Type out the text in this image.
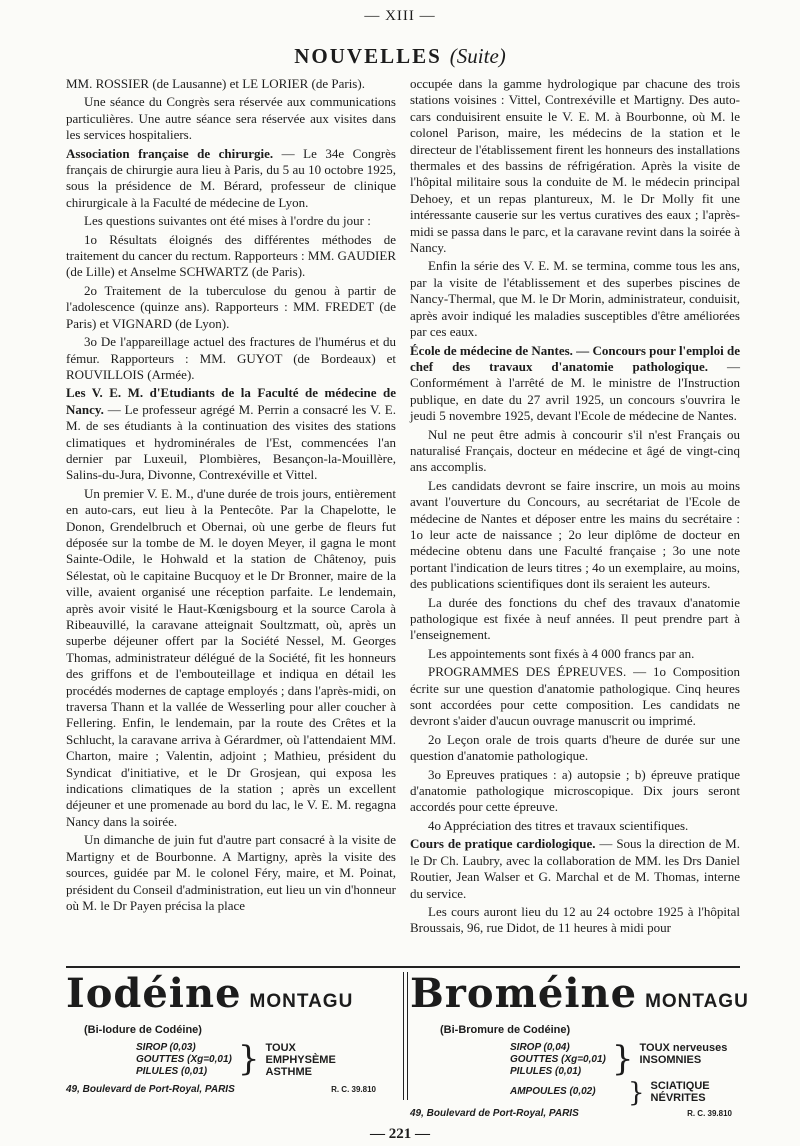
— XIII —
NOUVELLES (Suite)

MM. ROSSIER (de Lausanne) et LE LORIER (de Paris).

Une séance du Congrès sera réservée aux communications particulières. Une autre séance sera réservée aux visites dans les services hospitaliers.

Association française de chirurgie. — Le 34e Congrès français de chirurgie aura lieu à Paris, du 5 au 10 octobre 1925, sous la présidence de M. Bérard, professeur de clinique chirurgicale à la Faculté de médecine de Lyon.

Les questions suivantes ont été mises à l'ordre du jour :

1o Résultats éloignés des différentes méthodes de traitement du cancer du rectum. Rapporteurs : MM. GAUDIER (de Lille) et Anselme SCHWARTZ (de Paris).

2o Traitement de la tuberculose du genou à partir de l'adolescence (quinze ans). Rapporteurs : MM. FREDET (de Paris) et VIGNARD (de Lyon).

3o De l'appareillage actuel des fractures de l'humérus et du fémur. Rapporteurs : MM. GUYOT (de Bordeaux) et ROUVILLOIS (Armée).

Les V. E. M. d'Etudiants de la Faculté de médecine de Nancy. — Le professeur agrégé M. Perrin a consacré les V. E. M. de ses étudiants à la continuation des visites des stations climatiques et hydrominérales de l'Est, commencées l'an dernier par Luxeuil, Plombières, Besançon-la-Mouillère, Salins-du-Jura, Divonne, Contrexéville et Vittel.

Un premier V. E. M., d'une durée de trois jours, entièrement en auto-cars, eut lieu à la Pentecôte. Par la Chapelotte, le Donon, Grendelbruch et Obernai, où une gerbe de fleurs fut déposée sur la tombe de M. le doyen Meyer, il gagna le mont Sainte-Odile, le Hohwald et la station de Châtenoy, puis Sélestat, où le capitaine Bucquoy et le Dr Bronner, maire de la ville, avaient organisé une réception parfaite. Le lendemain, après avoir visité le Haut-Kœnigsbourg et la source Carola à Ribeauvillé, la caravane atteignait Soultzmatt, où, après un superbe déjeuner offert par la Société Nessel, M. Georges Thomas, administrateur délégué de la Société, fit les honneurs des griffons et de l'embouteillage et indiqua en détail les procédés modernes de captage employés ; dans l'après-midi, on traversa Thann et la vallée de Wesserling pour aller coucher à Fellering. Enfin, le lendemain, par la route des Crêtes et la Schlucht, la caravane arriva à Gérardmer, où l'attendaient MM. Charton, maire ; Valentin, adjoint ; Mathieu, président du Syndicat d'initiative, et le Dr Grosjean, qui exposa les indications climatiques de la station ; après un excellent déjeuner et une promenade au bord du lac, le V. E. M. regagna Nancy dans la soirée.

Un dimanche de juin fut d'autre part consacré à la visite de Martigny et de Bourbonne. A Martigny, après la visite des sources, guidée par M. le colonel Féry, maire, et M. Poinat, président du Conseil d'administration, eut lieu un vin d'honneur où M. le Dr Payen précisa la place

occupée dans la gamme hydrologique par chacune des trois stations voisines : Vittel, Contrexéville et Martigny. Des auto-cars conduisirent ensuite le V. E. M. à Bourbonne, où M. le colonel Parison, maire, les médecins de la station et le directeur de l'établissement firent les honneurs des installations thermales et des bassins de réfrigération. Après la visite de l'hôpital militaire sous la conduite de M. le médecin principal Dehoey, et un repas plantureux, M. le Dr Molly fit une intéressante causerie sur les vertus curatives des eaux ; l'après-midi se passa dans le parc, et la caravane revint dans la soirée à Nancy.

Enfin la série des V. E. M. se termina, comme tous les ans, par la visite de l'établissement et des superbes piscines de Nancy-Thermal, que M. le Dr Morin, administrateur, conduisit, après avoir indiqué les maladies susceptibles d'être améliorées par ces eaux.

École de médecine de Nantes. — Concours pour l'emploi de chef des travaux d'anatomie pathologique. — Conformément à l'arrêté de M. le ministre de l'Instruction publique, en date du 27 avril 1925, un concours s'ouvrira le jeudi 5 novembre 1925, devant l'Ecole de médecine de Nantes.

Nul ne peut être admis à concourir s'il n'est Français ou naturalisé Français, docteur en médecine et âgé de vingt-cinq ans accomplis.

Les candidats devront se faire inscrire, un mois au moins avant l'ouverture du Concours, au secrétariat de l'Ecole de médecine de Nantes et déposer entre les mains du secrétaire : 1o leur acte de naissance ; 2o leur diplôme de docteur en médecine obtenu dans une Faculté française ; 3o une note portant l'indication de leurs titres ; 4o un exemplaire, au moins, des publications scientifiques dont ils seraient les auteurs.

La durée des fonctions du chef des travaux d'anatomie pathologique est fixée à neuf années. Il peut prendre part à l'enseignement.

Les appointements sont fixés à 4 000 francs par an.

PROGRAMMES DES ÉPREUVES. — 1o Composition écrite sur une question d'anatomie pathologique. Cinq heures sont accordées pour cette composition. Les candidats ne devront s'aider d'aucun ouvrage manuscrit ou imprimé.

2o Leçon orale de trois quarts d'heure de durée sur une question d'anatomie pathologique.

3o Epreuves pratiques : a) autopsie ; b) épreuve pratique d'anatomie pathologique microscopique. Dix jours seront accordés pour cette épreuve.

4o Appréciation des titres et travaux scientifiques.

Cours de pratique cardiologique. — Sous la direction de M. le Dr Ch. Laubry, avec la collaboration de MM. les Drs Daniel Routier, Jean Walser et G. Marchal et de M. Thomas, interne du service.

Les cours auront lieu du 12 au 24 octobre 1925 à l'hôpital Broussais, 96, rue Didot, de 11 heures à midi pour

Iodéine MONTAGU
(Bi-Iodure de Codéine)
SIROP (0,03)
GOUTTES (Xg=0,01)
PILULES (0,01) } TOUX
EMPHYSÈME
ASTHME
49, Boulevard de Port-Royal, PARIS	R. C. 39.810
Broméine MONTAGU
(Bi-Bromure de Codéine)
SIROP (0,04)
GOUTTES (Xg=0,01)
PILULES (0,01) } TOUX nerveuses
INSOMNIES
AMPOULES (0,02)	} SCIATIQUE
NÉVRITES
49, Boulevard de Port-Royal, PARIS	R. C. 39.810
— 221 —
